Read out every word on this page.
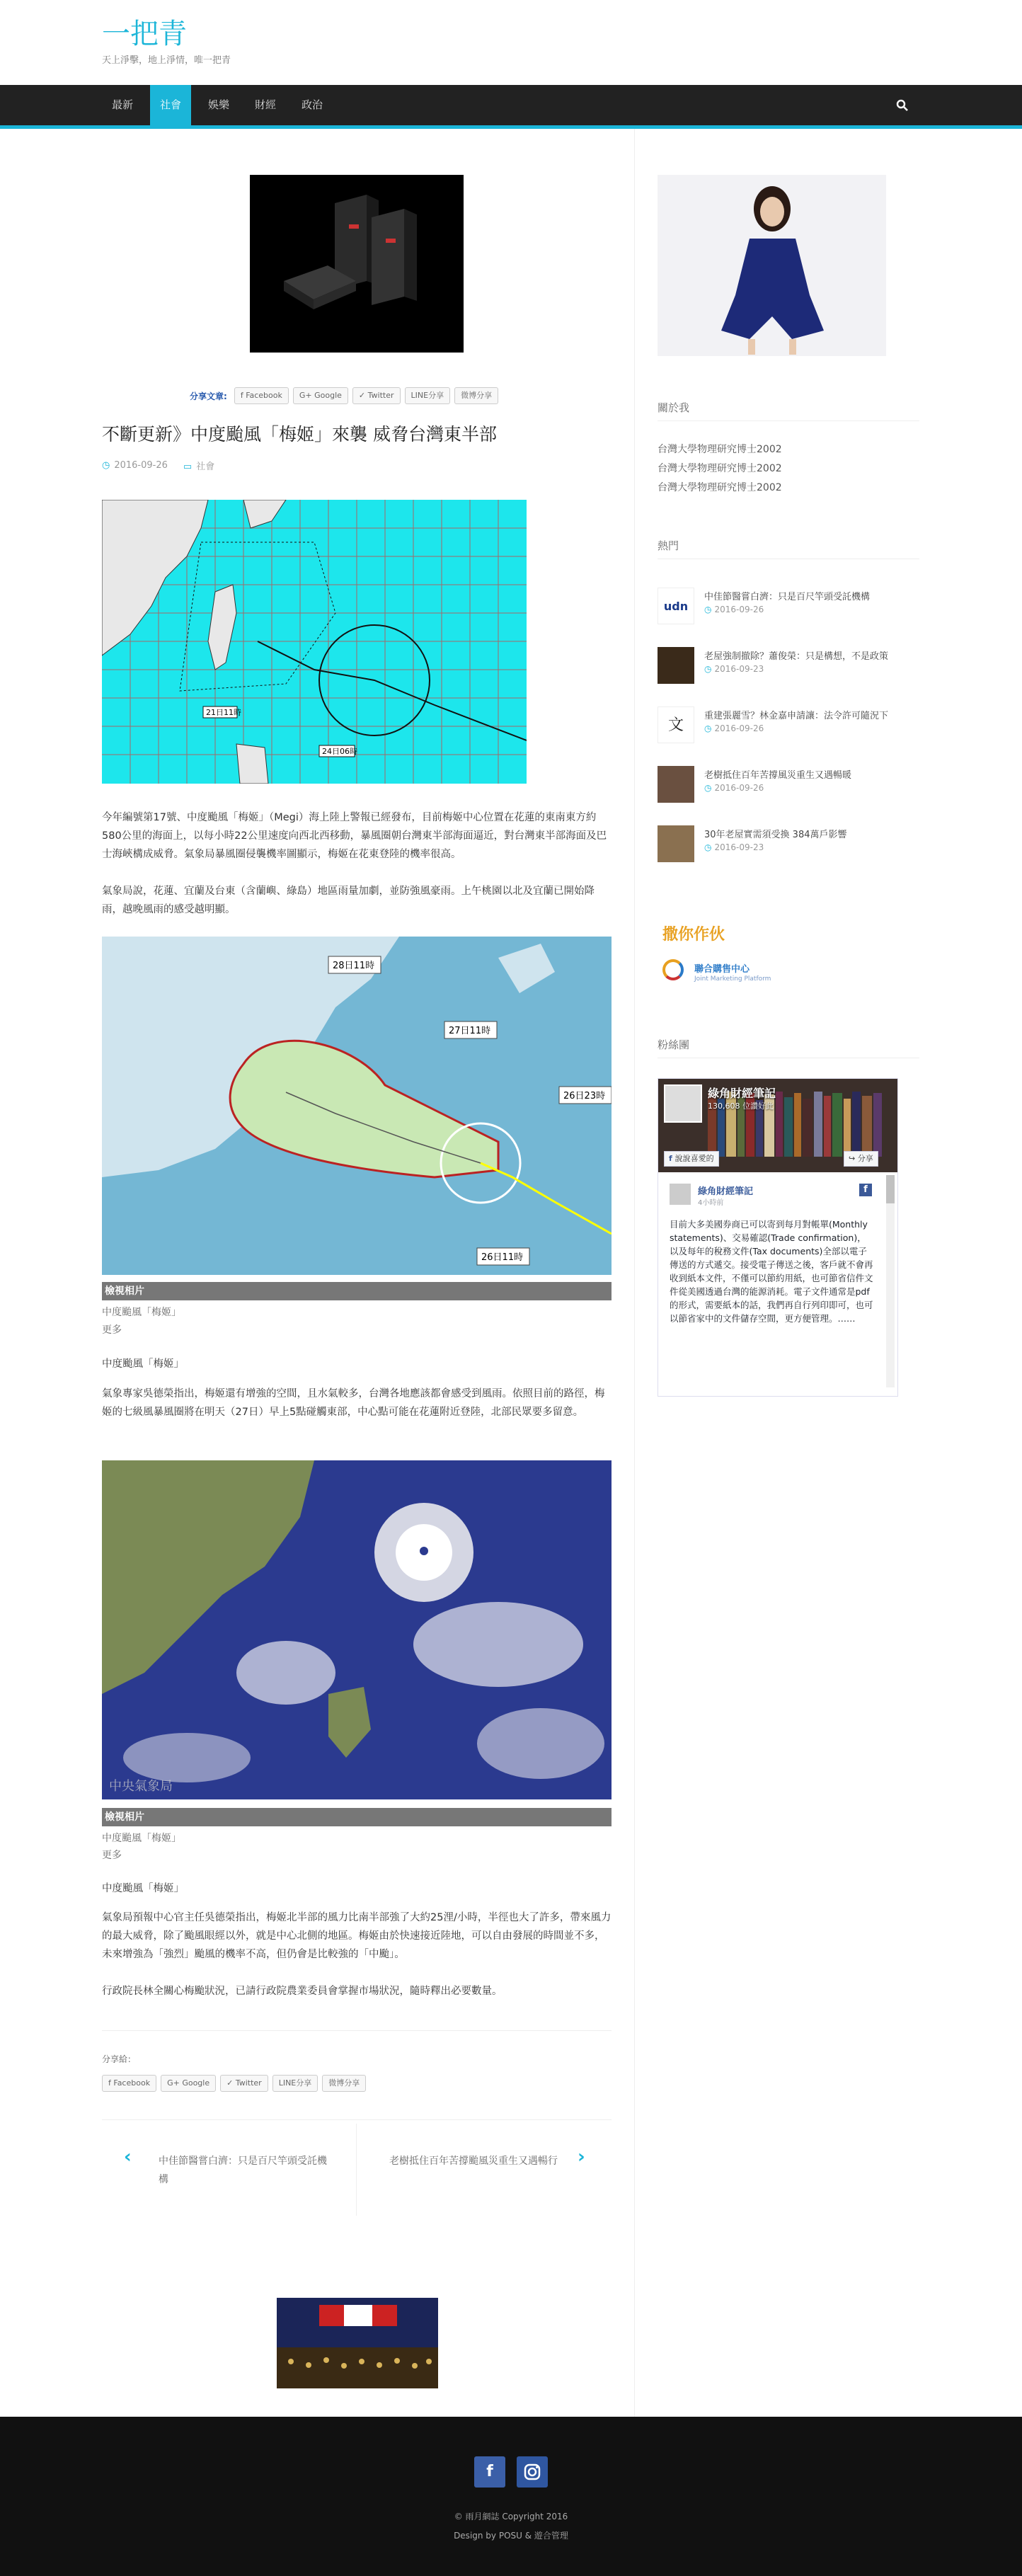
一把青
天上淨擊，地上淨情，唯一把青
最新	社會	娛樂	財經	政治
分享文章:	f Facebook	G+ Google	✓ Twitter	LINE分享	微博分享
不斷更新》中度颱風「梅姬」來襲 威脅台灣東半部
◷ 2016-09-26 ▭ 社會
21日11時
24日06時

今年編號第17號、中度颱風「梅姬」（Megi）海上陸上警報已經發布，目前梅姬中心位置在花蓮的東南東方約580公里的海面上，以每小時22公里速度向西北西移動，暴風圈朝台灣東半部海面逼近，對台灣東半部海面及巴士海峽構成威脅。氣象局暴風圈侵襲機率圖顯示，梅姬在花東登陸的機率很高。

氣象局說，花蓮、宜蘭及台東（含蘭嶼、綠島）地區雨量加劇，並防強風豪雨。上午桃園以北及宜蘭已開始降雨，越晚風雨的感受越明顯。

28日11時
27日11時
26日23時
26日11時
檢視相片
中度颱風「梅姬」
更多
中度颱風「梅姬」

氣象專家吳德榮指出，梅姬還有增強的空間，且水氣較多，台灣各地應該都會感受到風雨。依照目前的路徑，梅姬的七級風暴風圈將在明天（27日）早上5點碰觸東部，中心點可能在花蓮附近登陸，北部民眾要多留意。

中央氣象局
檢視相片
中度颱風「梅姬」
更多
中度颱風「梅姬」

氣象局預報中心官主任吳德榮指出，梅姬北半部的風力比南半部強了大約25浬/小時，半徑也大了許多，帶來風力的最大威脅，除了颱風眼經以外，就是中心北側的地區。梅姬由於快速接近陸地，可以自由發展的時間並不多，未來增強為「強烈」颱風的機率不高，但仍會是比較強的「中颱」。

行政院長林全關心梅颱狀況，已請行政院農業委員會掌握市場狀況，隨時釋出必要數量。

分享給：
f Facebook	G+ Google	✓ Twitter	LINE分享	微博分享
‹	中佳節醫嘗白濟：只是百尺竿頭受託機構
老樹抵住百年苦撐颱風災重生又遇暢行 ›
關於我
台灣大學物理研究博士2002
台灣大學物理研究博士2002
台灣大學物理研究博士2002
熱門
udn
中佳節醫嘗白濟：只是百尺竿頭受託機構
◷ 2016-09-26
老屋強制撤除？蕭俊榮：只是構想，不是政策
◷ 2016-09-23
文
重建張麗雪？林金嘉申請讓：法令許可隨況下
◷ 2016-09-26
老樹抵住百年苦撐風災重生又遇暢暖
◷ 2016-09-26
30年老屋實需須受換 384萬戶影響
◷ 2016-09-23
撒你作伙
聯合購售中心
Joint Marketing Platform
粉絲團
綠角財經筆記
130,608 位讚好此
f 說說喜愛的	↪ 分享
綠角財經筆記
4小時前
f
目前大多美國券商已可以寄到每月對帳單(Monthly statements)、交易確認(Trade confirmation)，以及每年的稅務文件(Tax documents)全部以電子傳送的方式遞交。接受電子傳送之後，客戶就不會再收到紙本文件，不僅可以節約用紙，也可節省信件文件從美國透過台灣的能源消耗。電子文件通常是pdf的形式，需要紙本的話，我們再自行列印即可，也可以節省家中的文件儲存空間，更方便管理。……
f
© 雨月網誌 Copyright 2016
Design by POSU & 遊合管理
